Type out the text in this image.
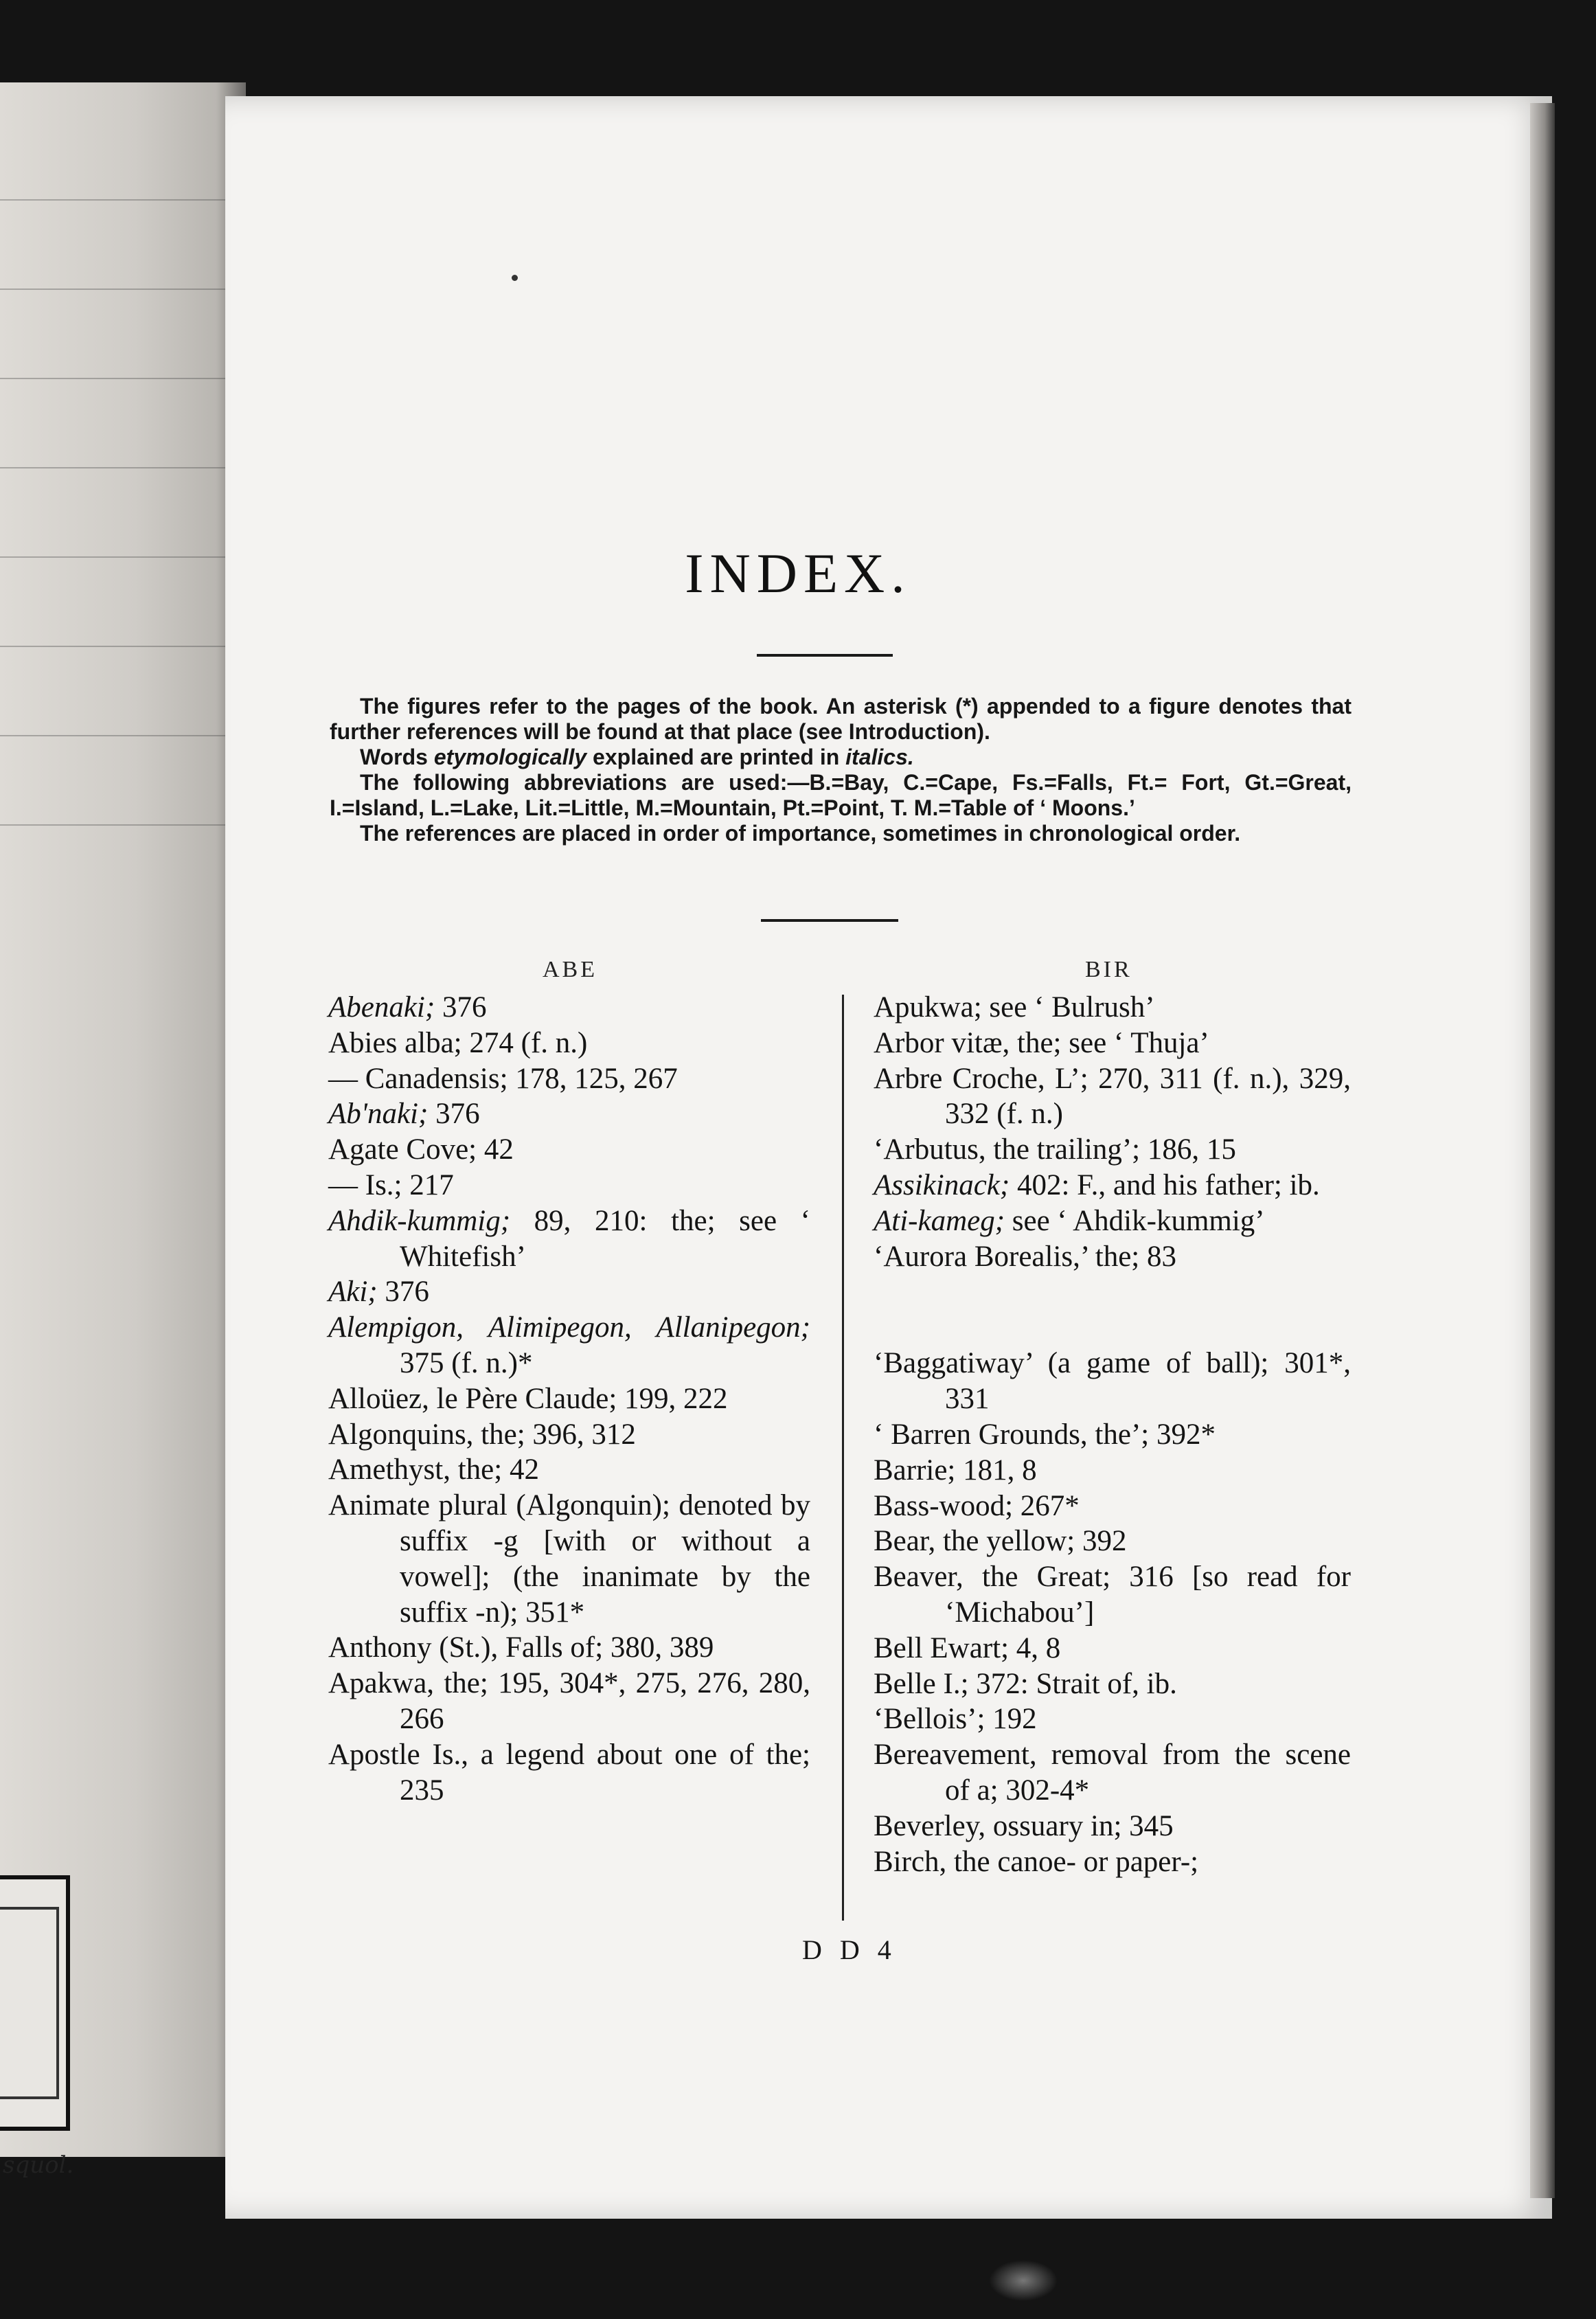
squol.
INDEX.

The figures refer to the pages of the book. An asterisk (*) appended to a figure denotes that further references will be found at that place (see Introduction).

Words etymologically explained are printed in italics.

The following abbreviations are used:—B.=Bay, C.=Cape, Fs.=Falls, Ft.= Fort, Gt.=Great, I.=Island, L.=Lake, Lit.=Little, M.=Mountain, Pt.=Point, T. M.=Table of ‘ Moons.’

The references are placed in order of importance, sometimes in chronological order.

ABE	BIR
Abenaki; 376
Abies alba; 274 (f. n.)
— Canadensis; 178, 125, 267
Ab'naki; 376
Agate Cove; 42
— Is.; 217
Ahdik-kummig; 89, 210: the; see ‘ Whitefish’
Aki; 376
Alempigon, Alimipegon, Allanipegon; 375 (f. n.)*
Alloüez, le Père Claude; 199, 222
Algonquins, the; 396, 312
Amethyst, the; 42
Animate plural (Algonquin); denoted by suffix -g [with or without a vowel]; (the inanimate by the suffix -n); 351*
Anthony (St.), Falls of; 380, 389
Apakwa, the; 195, 304*, 275, 276, 280, 266
Apostle Is., a legend about one of the; 235
Apukwa; see ‘ Bulrush’
Arbor vitæ, the; see ‘ Thuja’
Arbre Croche, L’; 270, 311 (f. n.), 329, 332 (f. n.)
‘Arbutus, the trailing’; 186, 15
Assikinack; 402: F., and his father; ib.
Ati-kameg; see ‘ Ahdik-kummig’
‘Aurora Borealis,’ the; 83
‘Baggatiway’ (a game of ball); 301*, 331
‘ Barren Grounds, the’; 392*
Barrie; 181, 8
Bass-wood; 267*
Bear, the yellow; 392
Beaver, the Great; 316 [so read for ‘Michabou’]
Bell Ewart; 4, 8
Belle I.; 372: Strait of, ib.
‘Bellois’; 192
Bereavement, removal from the scene of a; 302-4*
Beverley, ossuary in; 345
Birch, the canoe- or paper-;
D D 4
